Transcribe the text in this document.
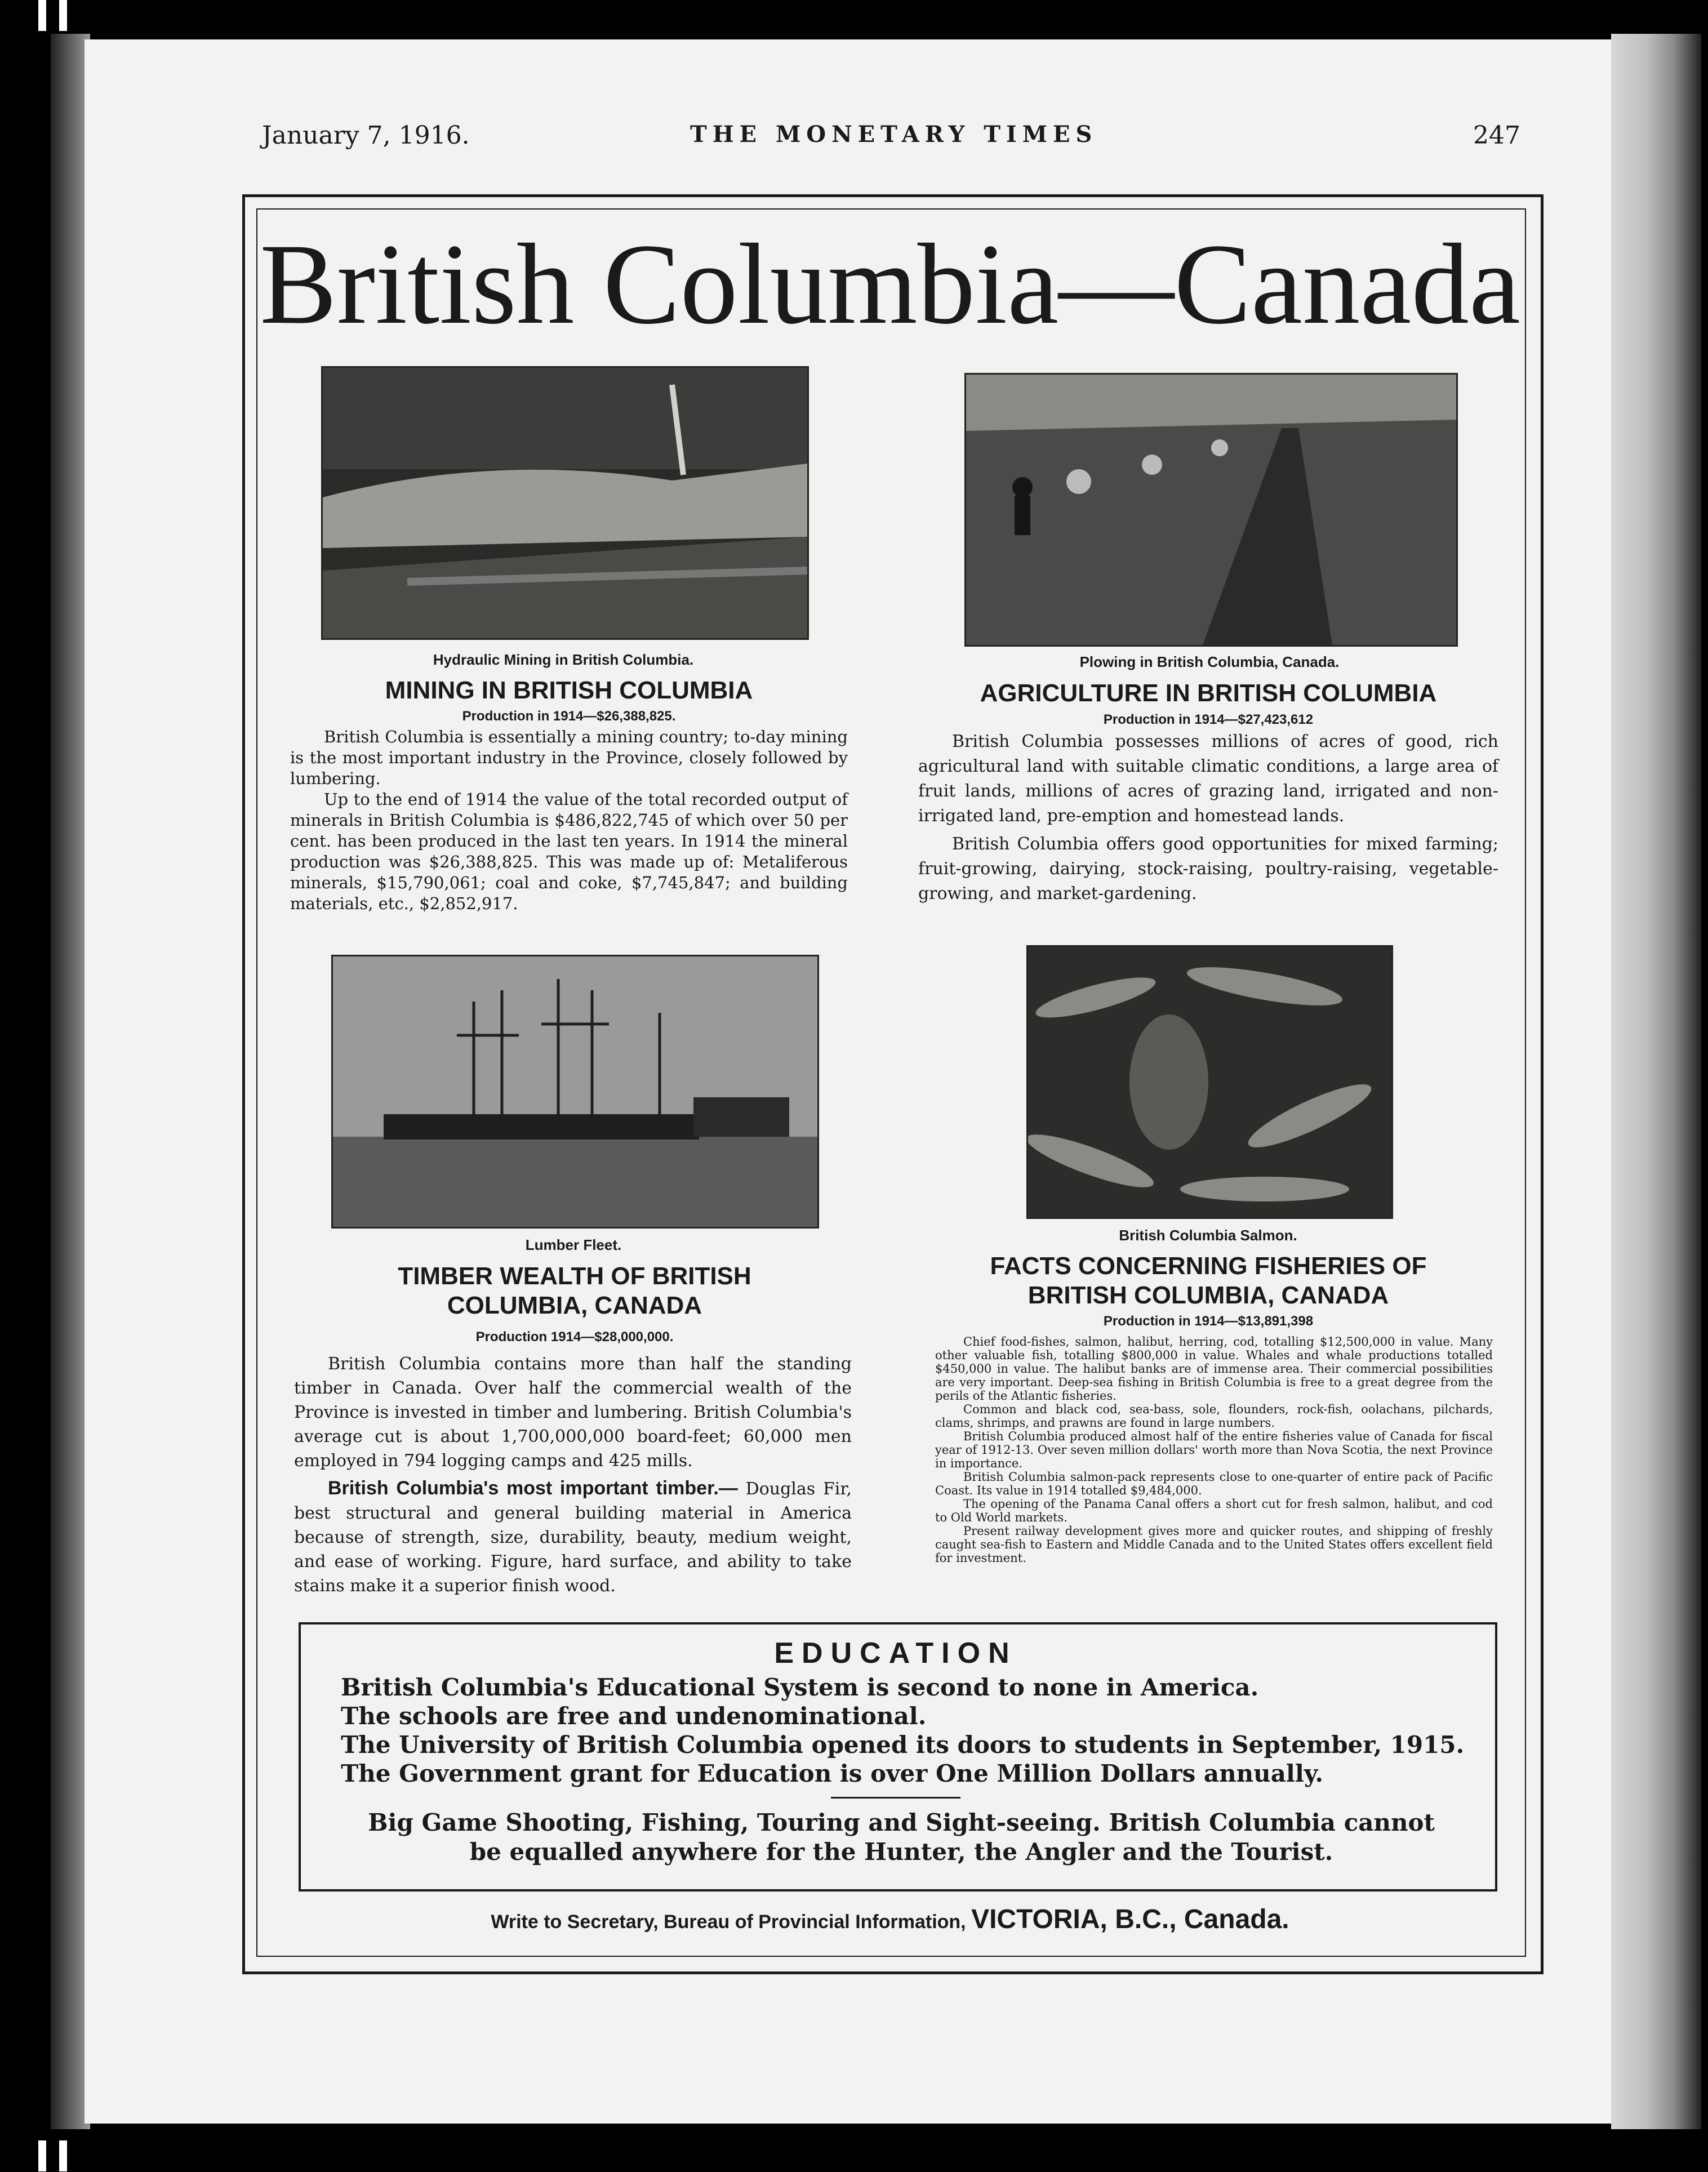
January 7, 1916.	THE MONETARY TIMES	247
British Columbia—Canada
Hydraulic Mining in British Columbia.
MINING IN BRITISH COLUMBIA
Production in 1914—$26,388,825.

British Columbia is essentially a mining country; to-day mining is the most important industry in the Province, closely followed by lumbering.

Up to the end of 1914 the value of the total recorded output of minerals in British Columbia is $486,822,745 of which over 50 per cent. has been produced in the last ten years. In 1914 the mineral production was $26,388,825. This was made up of: Metaliferous minerals, $15,790,061; coal and coke, $7,745,847; and building materials, etc., $2,852,917.

Plowing in British Columbia, Canada.
AGRICULTURE IN BRITISH COLUMBIA
Production in 1914—$27,423,612

British Columbia possesses millions of acres of good, rich agricultural land with suitable climatic conditions, a large area of fruit lands, millions of acres of grazing land, irrigated and non-irrigated land, pre-emption and homestead lands.

British Columbia offers good opportunities for mixed farming; fruit-growing, dairying, stock-raising, poultry-raising, vegetable-growing, and market-gardening.

Lumber Fleet.
TIMBER WEALTH OF BRITISH
COLUMBIA, CANADA
Production 1914—$28,000,000.

British Columbia contains more than half the standing timber in Canada. Over half the commercial wealth of the Province is invested in timber and lumbering. British Columbia's average cut is about 1,700,000,000 board-feet; 60,000 men employed in 794 logging camps and 425 mills.

British Columbia's most important timber.— Douglas Fir, best structural and general building material in America because of strength, size, durability, beauty, medium weight, and ease of working. Figure, hard surface, and ability to take stains make it a superior finish wood.

British Columbia Salmon.
FACTS CONCERNING FISHERIES OF
BRITISH COLUMBIA, CANADA
Production in 1914—$13,891,398

Chief food-fishes, salmon, halibut, herring, cod, totalling $12,500,000 in value. Many other valuable fish, totalling $800,000 in value. Whales and whale productions totalled $450,000 in value. The halibut banks are of immense area. Their commercial possibilities are very important. Deep-sea fishing in British Columbia is free to a great degree from the perils of the Atlantic fisheries.

Common and black cod, sea-bass, sole, flounders, rock-fish, oolachans, pilchards, clams, shrimps, and prawns are found in large numbers.

British Columbia produced almost half of the entire fisheries value of Canada for fiscal year of 1912-13. Over seven million dollars' worth more than Nova Scotia, the next Province in importance.

British Columbia salmon-pack represents close to one-quarter of entire pack of Pacific Coast. Its value in 1914 totalled $9,484,000.

The opening of the Panama Canal offers a short cut for fresh salmon, halibut, and cod to Old World markets.

Present railway development gives more and quicker routes, and shipping of freshly caught sea-fish to Eastern and Middle Canada and to the United States offers excellent field for investment.

EDUCATION
British Columbia's Educational System is second to none in America.
The schools are free and undenominational.
The University of British Columbia opened its doors to students in September, 1915.
The Government grant for Education is over One Million Dollars annually.
Big Game Shooting, Fishing, Touring and Sight-seeing. British Columbia cannot
be equalled anywhere for the Hunter, the Angler and the Tourist.
Write to Secretary, Bureau of Provincial Information, VICTORIA, B.C., Canada.
